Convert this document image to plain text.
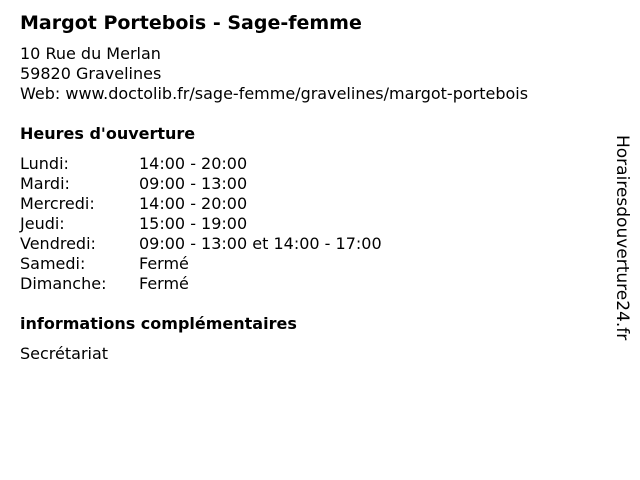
Margot Portebois - Sage-femme
10 Rue du Merlan
59820 Gravelines
Web: www.doctolib.fr/sage-femme/gravelines/margot-portebois
Heures d'ouverture
Lundi:	14:00 - 20:00
Mardi:	09:00 - 13:00
Mercredi:	14:00 - 20:00
Jeudi:	15:00 - 19:00
Vendredi:	09:00 - 13:00 et 14:00 - 17:00
Samedi:	Fermé
Dimanche:	Fermé
informations complémentaires
Secrétariat
Horairesdouverture24.fr
